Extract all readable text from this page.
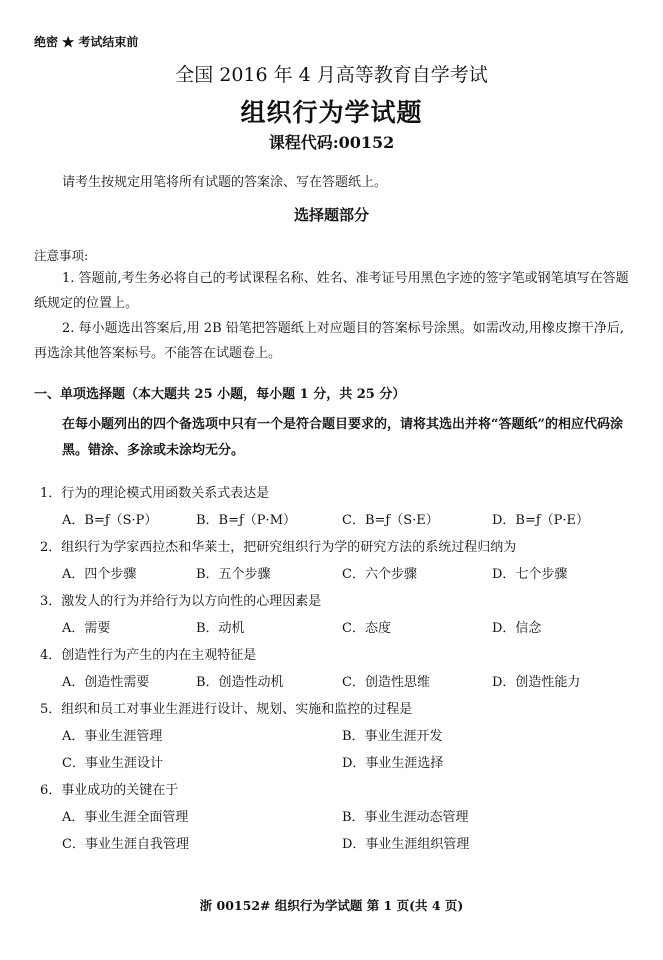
绝密 ★ 考试结束前
全国 2016 年 4 月高等教育自学考试
组织行为学试题
课程代码:00152
请考生按规定用笔将所有试题的答案涂、写在答题纸上。
选择题部分
注意事项:
1. 答题前,考生务必将自己的考试课程名称、姓名、准考证号用黑色字迹的签字笔或钢笔填写在答题纸规定的位置上。
2. 每小题选出答案后,用 2B 铅笔把答题纸上对应题目的答案标号涂黑。如需改动,用橡皮擦干净后,再选涂其他答案标号。不能答在试题卷上。
一、单项选择题（本大题共 25 小题，每小题 1 分，共 25 分）
在每小题列出的四个备选项中只有一个是符合题目要求的，请将其选出并将“答题纸”的相应代码涂黑。错涂、多涂或未涂均无分。
1．行为的理论模式用函数关系式表达是
A．B=ƒ（S·P）	B．B=ƒ（P·M）	C．B=ƒ（S·E）	D．B=ƒ（P·E）
2．组织行为学家西拉杰和华莱士，把研究组织行为学的研究方法的系统过程归纳为
A．四个步骤	B．五个步骤	C．六个步骤	D．七个步骤
3．激发人的行为并给行为以方向性的心理因素是
A．需要	B．动机	C．态度	D．信念
4．创造性行为产生的内在主观特征是
A．创造性需要	B．创造性动机	C．创造性思维	D．创造性能力
5．组织和员工对事业生涯进行设计、规划、实施和监控的过程是
A．事业生涯管理	B．事业生涯开发
C．事业生涯设计	D．事业生涯选择
6．事业成功的关键在于
A．事业生涯全面管理	B．事业生涯动态管理
C．事业生涯自我管理	D．事业生涯组织管理
浙 00152# 组织行为学试题 第 1 页(共 4 页)
